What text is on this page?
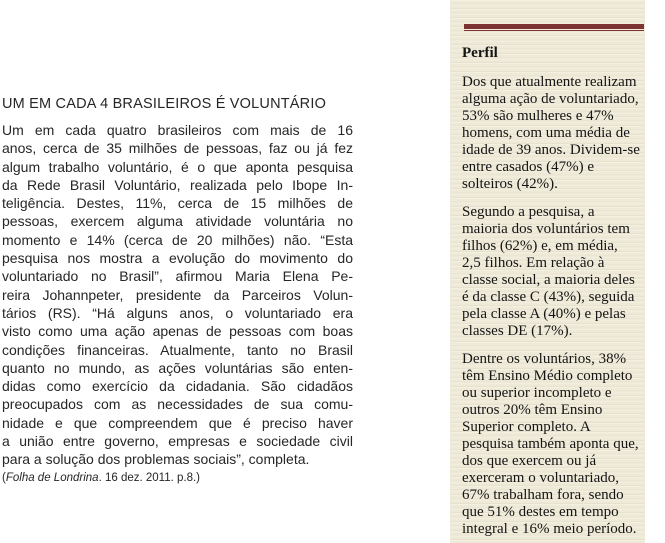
UM EM CADA 4 BRASILEIROS É VOLUNTÁRIO
Um em cada quatro brasileiros com mais de 16
anos, cerca de 35 milhões de pessoas, faz ou já fez
algum trabalho voluntário, é o que aponta pesquisa
da Rede Brasil Voluntário, realizada pelo Ibope In-
teligência. Destes, 11%, cerca de 15 milhões de
pessoas, exercem alguma atividade voluntária no
momento e 14% (cerca de 20 milhões) não. “Esta
pesquisa nos mostra a evolução do movimento do
voluntariado no Brasil”, afirmou Maria Elena Pe-
reira Johannpeter, presidente da Parceiros Volun-
tários (RS). “Há alguns anos, o voluntariado era
visto como uma ação apenas de pessoas com boas
condições financeiras. Atualmente, tanto no Brasil
quanto no mundo, as ações voluntárias são enten-
didas como exercício da cidadania. São cidadãos
preocupados com as necessidades de sua comu-
nidade e que compreendem que é preciso haver
a união entre governo, empresas e sociedade civil
para a solução dos problemas sociais”, completa.
(Folha de Londrina. 16 dez. 2011. p.8.)
Perfil
Dos que atualmente realizam
alguma ação de voluntariado,
53% são mulheres e 47%
homens, com uma média de
idade de 39 anos. Dividem-se
entre casados (47%) e
solteiros (42%).
Segundo a pesquisa, a
maioria dos voluntários tem
filhos (62%) e, em média,
2,5 filhos. Em relação à
classe social, a maioria deles
é da classe C (43%), seguida
pela classe A (40%) e pelas
classes DE (17%).
Dentre os voluntários, 38%
têm Ensino Médio completo
ou superior incompleto e
outros 20% têm Ensino
Superior completo. A
pesquisa também aponta que,
dos que exercem ou já
exerceram o voluntariado,
67% trabalham fora, sendo
que 51% destes em tempo
integral e 16% meio período.
